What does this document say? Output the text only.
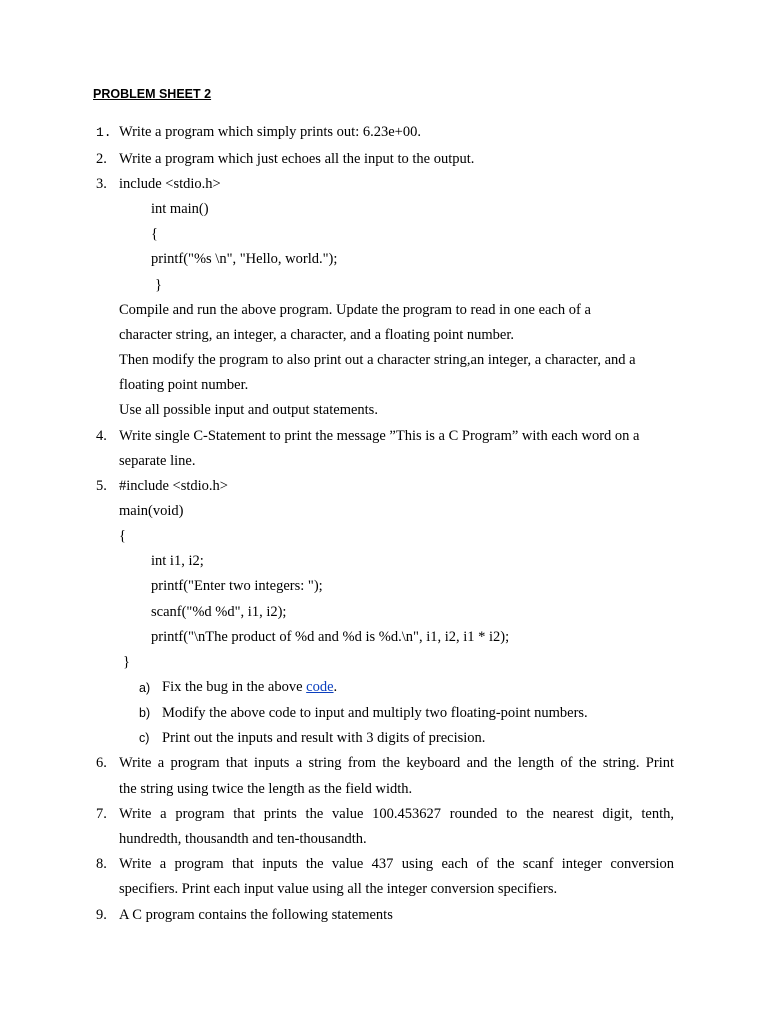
PROBLEM SHEET 2
1. Write a program which simply prints out: 6.23e+00.
2. Write a program which just echoes all the input to the output.
3. include <stdio.h>
int main()
{
printf("%s \n", "Hello, world.");
}
Compile and run the above program. Update the program to read in one each of a
character string, an integer, a character, and a floating point number.
Then modify the program to also print out a character string,an integer, a character, and a
floating point number.
Use all possible input and output statements.
4. Write single C-Statement to print the message ”This is a C Program” with each word on a
separate line.
5. #include <stdio.h>
main(void)
{
int i1, i2;
printf("Enter two integers: ");
scanf("%d %d", i1, i2);
printf("\nThe product of %d and %d is %d.\n", i1, i2, i1 * i2);
}
a) Fix the bug in the above code.
b) Modify the above code to input and multiply two floating-point numbers.
c) Print out the inputs and result with 3 digits of precision.
6. Write a program that inputs a string from the keyboard and the length of the string. Print
the string using twice the length as the field width.
7. Write a program that prints the value 100.453627 rounded to the nearest digit, tenth,
hundredth, thousandth and ten-thousandth.
8. Write a program that inputs the value 437 using each of the scanf integer conversion
specifiers. Print each input value using all the integer conversion specifiers.
9. A C program contains the following statements
